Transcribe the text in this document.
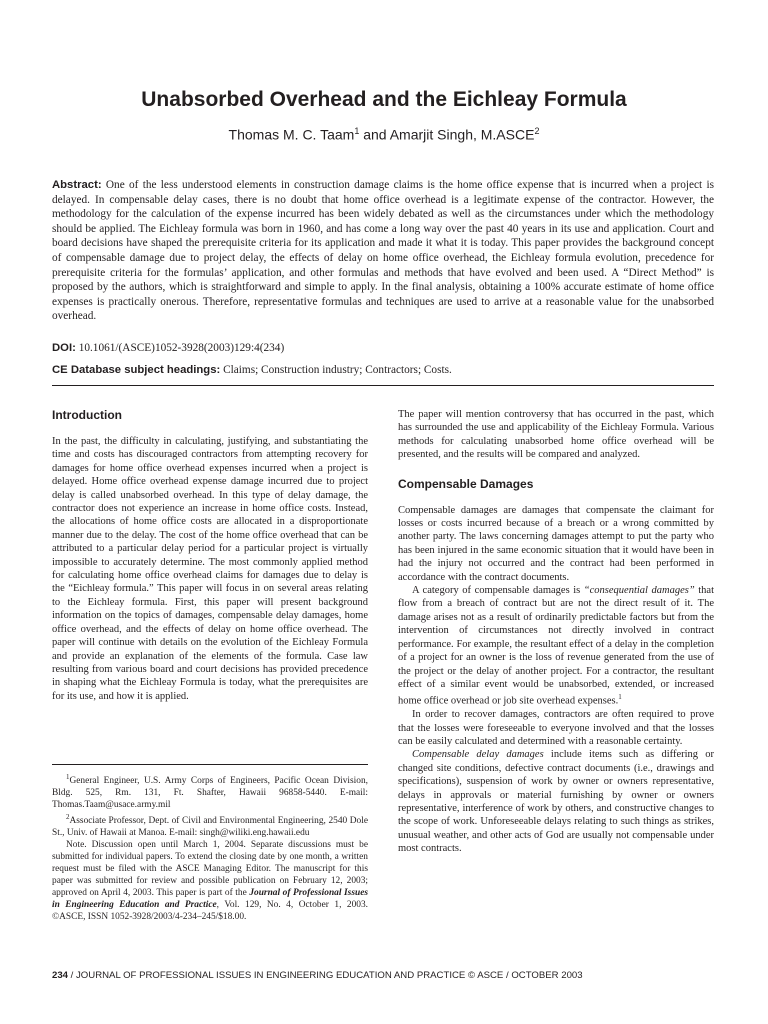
Unabsorbed Overhead and the Eichleay Formula

Thomas M. C. Taam$^1$ and Amarjit Singh, M.ASCE$^2$

Abstract: One of the less understood elements in construction damage claims is the home office expense that is incurred when a project is delayed. In compensable delay cases, there is no doubt that home office overhead is a legitimate expense of the contractor. However, the methodology for the calculation of the expense incurred has been widely debated as well as the circumstances under which the methodology should be applied. The Eichleay formula was born in 1960, and has come a long way over the past 40 years in its use and application. Court and board decisions have shaped the prerequisite criteria for its application and made it what it is today. This paper provides the background concept of compensable damage due to project delay, the effects of delay on home office overhead, the Eichleay formula evolution, precedence for prerequisite criteria for the formulas’ application, and other formulas and methods that have evolved and been used. A “Direct Method” is proposed by the authors, which is straightforward and simple to apply. In the final analysis, obtaining a 100% accurate estimate of home office expenses is practically onerous. Therefore, representative formulas and techniques are used to arrive at a reasonable value for the unabsorbed overhead.

DOI: 10.1061/(ASCE)1052-3928(2003)129:4(234)

CE Database subject headings: Claims; Construction industry; Contractors; Costs.

Introduction

In the past, the difficulty in calculating, justifying, and substantiating the time and costs has discouraged contractors from attempting recovery for damages for home office overhead expenses incurred when a project is delayed. Home office overhead expense damage incurred due to project delay is called unabsorbed overhead. In this type of delay damage, the contractor does not experience an increase in home office costs. Instead, the allocations of home office costs are allocated in a disproportionate manner due to the delay. The cost of the home office overhead that can be attributed to a particular delay period for a particular project is virtually impossible to accurately determine. The most commonly applied method for calculating home office overhead claims for damages due to delay is the “Eichleay formula.” This paper will focus in on several areas relating to the Eichleay formula. First, this paper will present background information on the topics of damages, compensable delay damages, home office overhead, and the effects of delay on home office overhead. The paper will continue with details on the evolution of the Eichleay Formula and provide an explanation of the elements of the formula. Case law resulting from various board and court decisions has provided precedence in shaping what the Eichleay Formula is today, what the prerequisites are for its use, and how it is applied.

$^1$General Engineer, U.S. Army Corps of Engineers, Pacific Ocean Division, Bldg. 525, Rm. 131, Ft. Shafter, Hawaii 96858-5440. E-mail: Thomas.Taam@usace.army.mil

$^2$Associate Professor, Dept. of Civil and Environmental Engineering, 2540 Dole St., Univ. of Hawaii at Manoa. E-mail: singh@wiliki.eng.hawaii.edu

Note. Discussion open until March 1, 2004. Separate discussions must be submitted for individual papers. To extend the closing date by one month, a written request must be filed with the ASCE Managing Editor. The manuscript for this paper was submitted for review and possible publication on February 12, 2003; approved on April 4, 2003. This paper is part of the Journal of Professional Issues in Engineering Education and Practice, Vol. 129, No. 4, October 1, 2003. ©ASCE, ISSN 1052-3928/2003/4-234–245/$18.00.

The paper will mention controversy that has occurred in the past, which has surrounded the use and applicability of the Eichleay Formula. Various methods for calculating unabsorbed home office overhead will be presented, and the results will be compared and analyzed.

Compensable Damages

Compensable damages are damages that compensate the claimant for losses or costs incurred because of a breach or a wrong committed by another party. The laws concerning damages attempt to put the party who has been injured in the same economic situation that it would have been in had the injury not occurred and the contract had been performed in accordance with the contract documents.

A category of compensable damages is “consequential damages” that flow from a breach of contract but are not the direct result of it. The damage arises not as a result of ordinarily predictable factors but from the intervention of circumstances not directly involved in contract performance. For example, the resultant effect of a delay in the completion of a project for an owner is the loss of revenue generated from the use of the project or the delay of another project. For a contractor, the resultant effect of a similar event would be unabsorbed, extended, or increased home office overhead or job site overhead expenses.$^1$

In order to recover damages, contractors are often required to prove that the losses were foreseeable to everyone involved and that the losses can be easily calculated and determined with a reasonable certainty.

Compensable delay damages include items such as differing or changed site conditions, defective contract documents (i.e., drawings and specifications), suspension of work by owner or owners representative, delays in approvals or material furnishing by owner or owners representative, interference of work by others, and constructive changes to the scope of work. Unforeseeable delays relating to such things as strikes, unusual weather, and other acts of God are usually not compensable under most contracts.

234 / JOURNAL OF PROFESSIONAL ISSUES IN ENGINEERING EDUCATION AND PRACTICE © ASCE / OCTOBER 2003
